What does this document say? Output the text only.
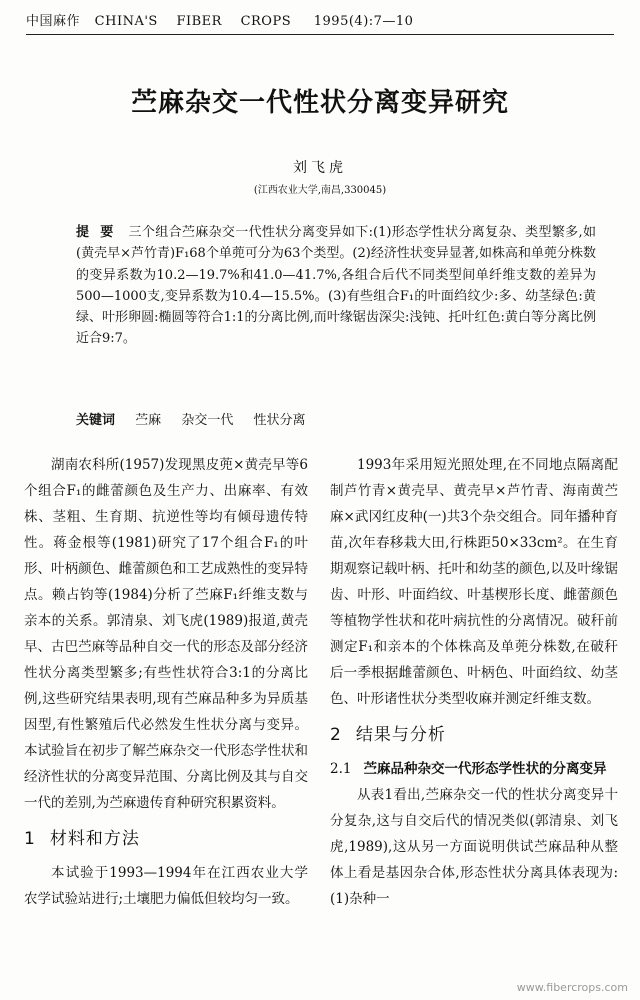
中国麻作 CHINA'S FIBER CROPS 1995(4):7—10
苎麻杂交一代性状分离变异研究
刘飞虎
(江西农业大学,南昌,330045)
提 要 三个组合苎麻杂交一代性状分离变异如下:(1)形态学性状分离复杂、类型繁多,如(黄壳早×芦竹青)F₁68个单蔸可分为63个类型。(2)经济性状变异显著,如株高和单蔸分株数的变异系数为10.2—19.7%和41.0—41.7%,各组合后代不同类型间单纤维支数的差异为500—1000支,变异系数为10.4—15.5%。(3)有些组合F₁的叶面绉纹少:多、幼茎绿色:黄绿、叶形卵圆:椭圆等符合1:1的分离比例,而叶缘锯齿深尖:浅钝、托叶红色:黄白等分离比例近合9:7。
关键词 苎麻 杂交一代 性状分离

湖南农科所(1957)发现黑皮蔸×黄壳早等6个组合F₁的雌蕾颜色及生产力、出麻率、有效株、茎粗、生育期、抗逆性等均有倾母遗传特性。蒋金根等(1981)研究了17个组合F₁的叶形、叶柄颜色、雌蕾颜色和工艺成熟性的变异特点。赖占钧等(1984)分析了苎麻F₁纤维支数与亲本的关系。郭清泉、刘飞虎(1989)报道,黄壳早、古巴苎麻等品种自交一代的形态及部分经济性状分离类型繁多;有些性状符合3:1的分离比例,这些研究结果表明,现有苎麻品种多为异质基因型,有性繁殖后代必然发生性状分离与变异。本试验旨在初步了解苎麻杂交一代形态学性状和经济性状的分离变异范围、分离比例及其与自交一代的差别,为苎麻遗传育种研究积累资料。

1 材料和方法

本试验于1993—1994年在江西农业大学农学试验站进行;土壤肥力偏低但较均匀一致。

1993年采用短光照处理,在不同地点隔离配制芦竹青×黄壳早、黄壳早×芦竹青、海南黄苎麻×武冈红皮种(一)共3个杂交组合。同年播种育苗,次年春移栽大田,行株距50×33cm²。在生育期观察记载叶柄、托叶和幼茎的颜色,以及叶缘锯齿、叶形、叶面绉纹、叶基楔形长度、雌蕾颜色等植物学性状和花叶病抗性的分离情况。破秆前测定F₁和亲本的个体株高及单蔸分株数,在破秆后一季根据雌蕾颜色、叶柄色、叶面绉纹、幼茎色、叶形诸性状分类型收麻并测定纤维支数。

2 结果与分析
2.1 苎麻品种杂交一代形态学性状的分离变异

从表1看出,苎麻杂交一代的性状分离变异十分复杂,这与自交后代的情况类似(郭清泉、刘飞虎,1989),这从另一方面说明供试苎麻品种从整体上看是基因杂合体,形态性状分离具体表现为:(1)杂种一

www.fibercrops.com
